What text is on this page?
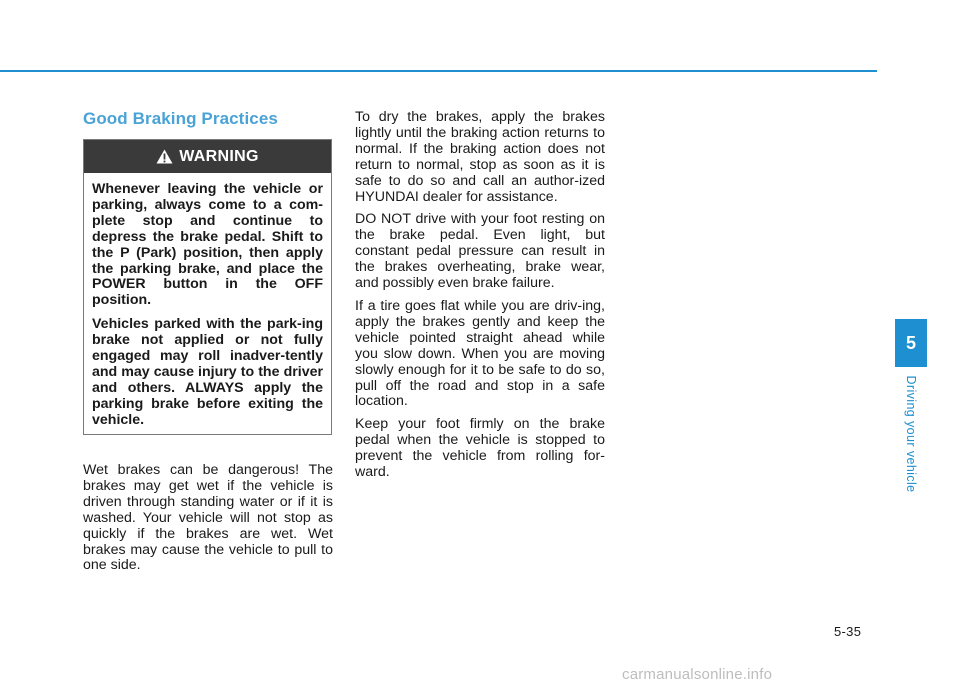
Good Braking Practices
WARNING

Whenever leaving the vehicle or parking, always come to a com-plete stop and continue to depress the brake pedal. Shift to the P (Park) position, then apply the parking brake, and place the POWER button in the OFF position.

Vehicles parked with the park-ing brake not applied or not fully engaged may roll inadver-tently and may cause injury to the driver and others. ALWAYS apply the parking brake before exiting the vehicle.

Wet brakes can be dangerous! The brakes may get wet if the vehicle is driven through standing water or if it is washed. Your vehicle will not stop as quickly if the brakes are wet. Wet brakes may cause the vehicle to pull to one side.

To dry the brakes, apply the brakes lightly until the braking action returns to normal. If the braking action does not return to normal, stop as soon as it is safe to do so and call an author-ized HYUNDAI dealer for assistance.

DO NOT drive with your foot resting on the brake pedal. Even light, but constant pedal pressure can result in the brakes overheating, brake wear, and possibly even brake failure.

If a tire goes flat while you are driv-ing, apply the brakes gently and keep the vehicle pointed straight ahead while you slow down. When you are moving slowly enough for it to be safe to do so, pull off the road and stop in a safe location.

Keep your foot firmly on the brake pedal when the vehicle is stopped to prevent the vehicle from rolling for-ward.

5
Driving your vehicle
5-35
carmanualsonline.info
